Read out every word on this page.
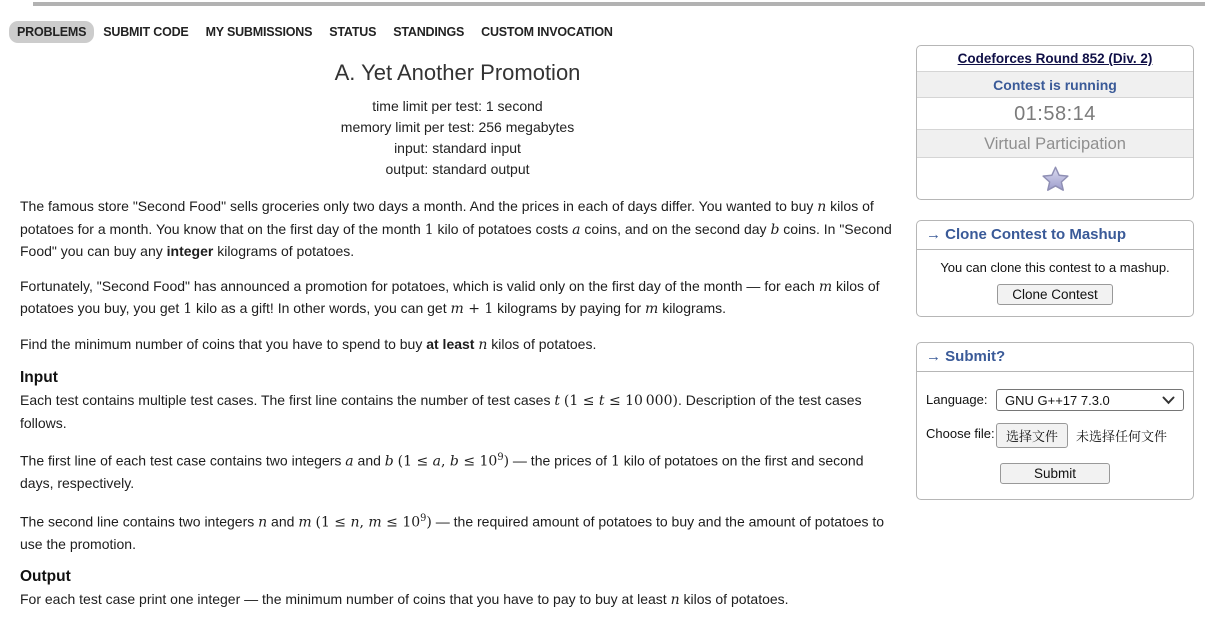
PROBLEMS	SUBMIT CODE	MY SUBMISSIONS	STATUS	STANDINGS	CUSTOM INVOCATION
A. Yet Another Promotion
time limit per test: 1 second
memory limit per test: 256 megabytes
input: standard input
output: standard output

The famous store "Second Food" sells groceries only two days a month. And the prices in each of days differ. You wanted to buy n kilos of potatoes for a month. You know that on the first day of the month 1 kilo of potatoes costs a coins, and on the second day b coins. In "Second Food" you can buy any integer kilograms of potatoes.

Fortunately, "Second Food" has announced a promotion for potatoes, which is valid only on the first day of the month — for each m kilos of potatoes you buy, you get 1 kilo as a gift! In other words, you can get m + 1 kilograms by paying for m kilograms.

Find the minimum number of coins that you have to spend to buy at least n kilos of potatoes.

Input

Each test contains multiple test cases. The first line contains the number of test cases t (1 ≤ t ≤ 10 000). Description of the test cases follows.

The first line of each test case contains two integers a and b (1 ≤ a, $b \le 10^9$) — the prices of 1 kilo of potatoes on the first and second days, respectively.

The second line contains two integers n and m (1 ≤ n, $m \le 10^9$) — the required amount of potatoes to buy and the amount of potatoes to use the promotion.

Output

For each test case print one integer — the minimum number of coins that you have to pay to buy at least n kilos of potatoes.

Codeforces Round 852 (Div. 2)
Contest is running
01:58:14
Virtual Participation
→ Clone Contest to Mashup
You can clone this contest to a mashup.
Clone Contest
→ Submit?
Language:	GNU G++17 7.3.0
Choose file: 选择文件 未选择任何文件
Submit
